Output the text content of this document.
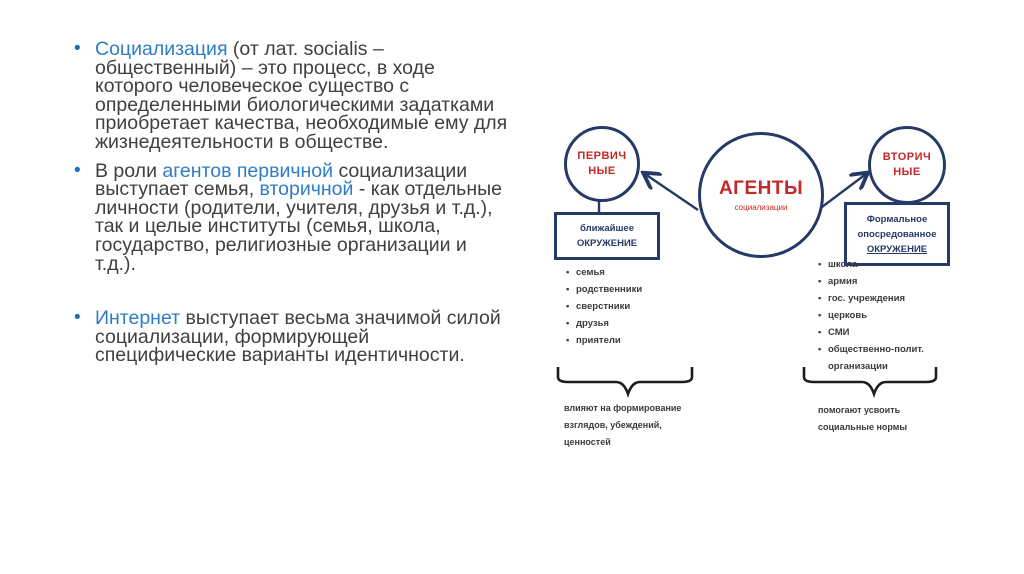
• Социализация (от лат. socialis – общественный) – это процесс, в ходе которого человеческое существо с определенными биологическими задатками приобретает качества, необходимые ему для жизнедеятельности в обществе.
• В роли агентов первичной социализации выступает семья, вторичной - как отдельные личности (родители, учителя, друзья и т.д.), так и целые институты (семья, школа, государство, религиозные организации и т.д.).
• Интернет выступает весьма значимой силой социализации, формирующей специфические варианты идентичности.
ПЕРВИЧ
НЫЕ
АГЕНТЫ
социализации
ВТОРИЧ
НЫЕ
ближайшее
ОКРУЖЕНИЕ
Формальное
опосредованное
ОКРУЖЕНИЕ
• семья
• родственники
• сверстники
• друзья
• приятели
• школа
• армия
• гос. учреждения
• церковь
• СМИ
• общественно-полит.
организации
влияют на формирование
взглядов, убеждений,
ценностей
помогают усвоить
социальные нормы
